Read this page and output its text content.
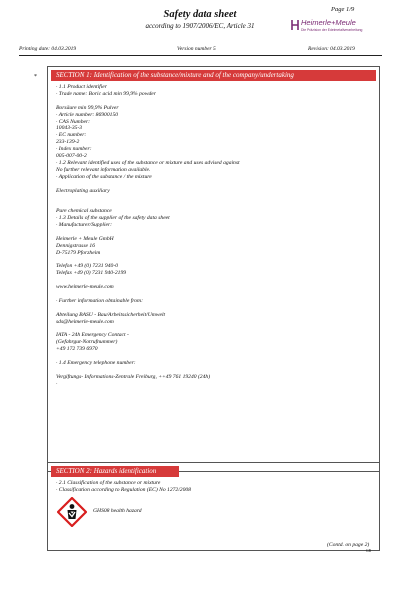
Page 1/9
Safety data sheet
according to 1907/2006/EC, Article 31	Heimerle+Meule
Die Präzision der Edelmetallverarbeitung
Printing date: 04.03.2019	Version number 5	Revision: 04.03.2019
*	SECTION 1: Identification of the substance/mixture and of the company/undertaking
· 1.1 Product identifier
· Trade name: Boric acid min 99,9% powder
Borsäure min 99,9% Pulver
· Article number: 86900150
· CAS Number:
10043-35-3
· EC number:
233-139-2
· Index number:
005-007-00-2
· 1.2 Relevant identified uses of the substance or mixture and uses advised against
No further relevant information available.
· Application of the substance / the mixture
Electroplating auxiliary
Pure chemical substance
· 1.3 Details of the supplier of the safety data sheet
· Manufacturer/Supplier:
Heimerle + Meule GmbH
Dennigstrasse 16
D-75179 Pforzheim
Telefon +49 (0) 7231 940-0
Telefax +49 (0) 7231 940-2199
www.heimerle-meule.com
· Further information obtainable from:
Abteilung BASU - Bau/Arbeitssicherheit/Umwelt
sds@heimerle-meule.com
IATA - 24h Emergency Contact -
(Gefahrgut-Notrufnummer)
+49 172 739 6970
· 1.4 Emergency telephone number:
Vergiftungs- Informations-Zentrale Freiburg, ++49 761 19240 (24h)
·
SECTION 2: Hazards identification
· 2.1 Classification of the substance or mixture
· Classification according to Regulation (EC) No 1272/2008
GHS08 health hazard
(Contd. on page 2)
GB
